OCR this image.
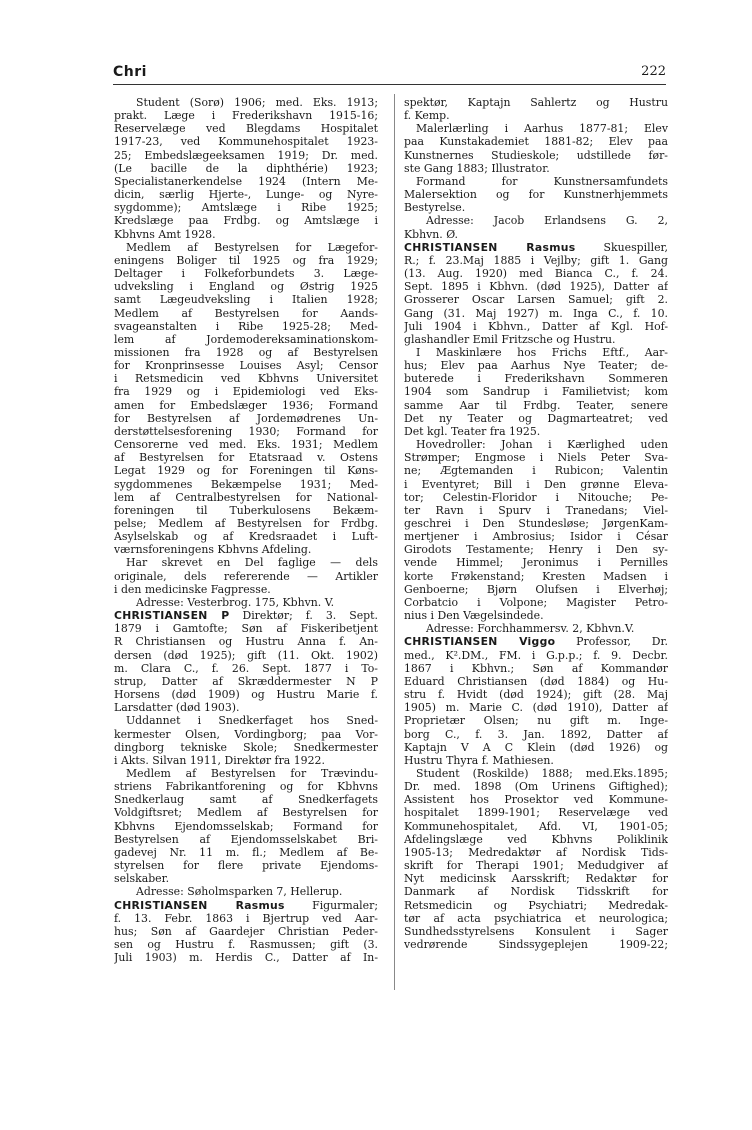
Chri	222
Student (Sorø) 1906; med. Eks. 1913;
prakt. Læge i Frederikshavn 1915-16;
Reservelæge ved Blegdams Hospitalet
1917-23, ved Kommunehospitalet 1923-
25; Embedslægeeksamen 1919; Dr. med.
(Le bacille de la diphthérie) 1923;
Specialistanerkendelse 1924 (Intern Me-
dicin, særlig Hjerte-, Lunge- og Nyre-
sygdomme); Amtslæge i Ribe 1925;
Kredslæge paa Frdbg. og Amtslæge i
Kbhvns Amt 1928.
Medlem af Bestyrelsen for Lægefor-
eningens Boliger til 1925 og fra 1929;
Deltager i Folkeforbundets 3. Læge-
udveksling i England og Østrig 1925
samt Lægeudveksling i Italien 1928;
Medlem af Bestyrelsen for Aands-
svageanstalten i Ribe 1925-28; Med-
lem af Jordemodereksaminationskom-
missionen fra 1928 og af Bestyrelsen
for Kronprinsesse Louises Asyl; Censor
i Retsmedicin ved Kbhvns Universitet
fra 1929 og i Epidemiologi ved Eks-
amen for Embedslæger 1936; Formand
for Bestyrelsen af Jordemødrenes Un-
derstøttelsesforening 1930; Formand for
Censorerne ved med. Eks. 1931; Medlem
af Bestyrelsen for Etatsraad v. Ostens
Legat 1929 og for Foreningen til Køns-
sygdommenes Bekæmpelse 1931; Med-
lem af Centralbestyrelsen for National-
foreningen til Tuberkulosens Bekæm-
pelse; Medlem af Bestyrelsen for Frdbg.
Asylselskab og af Kredsraadet i Luft-
værnsforeningens Kbhvns Afdeling.
Har skrevet en Del faglige — dels
originale, dels refererende — Artikler
i den medicinske Fagpresse.
Adresse: Vesterbrog. 175, Kbhvn. V.
CHRISTIANSEN P Direktør; f. 3. Sept.
1879 i Gamtofte; Søn af Fiskeribetjent
R Christiansen og Hustru Anna f. An-
dersen (død 1925); gift (11. Okt. 1902)
m. Clara C., f. 26. Sept. 1877 i To-
strup, Datter af Skræddermester N P
Horsens (død 1909) og Hustru Marie f.
Larsdatter (død 1903).
Uddannet i Snedkerfaget hos Sned-
kermester Olsen, Vordingborg; paa Vor-
dingborg tekniske Skole; Snedkermester
i Akts. Silvan 1911, Direktør fra 1922.
Medlem af Bestyrelsen for Trævindu-
striens Fabrikantforening og for Kbhvns
Snedkerlaug samt af Snedkerfagets
Voldgiftsret; Medlem af Bestyrelsen for
Kbhvns Ejendomsselskab; Formand for
Bestyrelsen af Ejendomsselskabet Bri-
gadevej Nr. 11 m. fl.; Medlem af Be-
styrelsen for flere private Ejendoms-
selskaber.
Adresse: Søholmsparken 7, Hellerup.
CHRISTIANSEN Rasmus Figurmaler;
f. 13. Febr. 1863 i Bjertrup ved Aar-
hus; Søn af Gaardejer Christian Peder-
sen og Hustru f. Rasmussen; gift (3.
Juli 1903) m. Herdis C., Datter af In-
spektør, Kaptajn Sahlertz og Hustru
f. Kemp.
Malerlærling i Aarhus 1877-81; Elev
paa Kunstakademiet 1881-82; Elev paa
Kunstnernes Studieskole; udstillede før-
ste Gang 1883; Illustrator.
Formand for Kunstnersamfundets
Malersektion og for Kunstnerhjemmets
Bestyrelse.
Adresse: Jacob Erlandsens G. 2,
Kbhvn. Ø.
CHRISTIANSEN Rasmus Skuespiller,
R.; f. 23.Maj 1885 i Vejlby; gift 1. Gang
(13. Aug. 1920) med Bianca C., f. 24.
Sept. 1895 i Kbhvn. (død 1925), Datter af
Grosserer Oscar Larsen Samuel; gift 2.
Gang (31. Maj 1927) m. Inga C., f. 10.
Juli 1904 i Kbhvn., Datter af Kgl. Hof-
glashandler Emil Fritzsche og Hustru.
I Maskinlære hos Frichs Eftf., Aar-
hus; Elev paa Aarhus Nye Teater; de-
buterede i Frederikshavn Sommeren
1904 som Sandrup i Familietvist; kom
samme Aar til Frdbg. Teater, senere
Det ny Teater og Dagmarteatret; ved
Det kgl. Teater fra 1925.
Hovedroller: Johan i Kærlighed uden
Strømper; Engmose i Niels Peter Sva-
ne; Ægtemanden i Rubicon; Valentin
i Eventyret; Bill i Den grønne Eleva-
tor; Celestin-Floridor i Nitouche; Pe-
ter Ravn i Spurv i Tranedans; Viel-
geschrei i Den Stundesløse; JørgenKam-
mertjener i Ambrosius; Isidor i César
Girodots Testamente; Henry i Den sy-
vende Himmel; Jeronimus i Pernilles
korte Frøkenstand; Kresten Madsen i
Genboerne; Bjørn Olufsen i Elverhøj;
Corbatcio i Volpone; Magister Petro-
nius i Den Vægelsindede.
Adresse: Forchhammersv. 2, Kbhvn.V.
CHRISTIANSEN Viggo Professor, Dr.
med., K².DM., FM. i G.p.p.; f. 9. Decbr.
1867 i Kbhvn.; Søn af Kommandør
Eduard Christiansen (død 1884) og Hu-
stru f. Hvidt (død 1924); gift (28. Maj
1905) m. Marie C. (død 1910), Datter af
Proprietær Olsen; nu gift m. Inge-
borg C., f. 3. Jan. 1892, Datter af
Kaptajn V A C Klein (død 1926) og
Hustru Thyra f. Mathiesen.
Student (Roskilde) 1888; med.Eks.1895;
Dr. med. 1898 (Om Urinens Giftighed);
Assistent hos Prosektor ved Kommune-
hospitalet 1899-1901; Reservelæge ved
Kommunehospitalet, Afd. VI, 1901-05;
Afdelingslæge ved Kbhvns Poliklinik
1905-13; Medredaktør af Nordisk Tids-
skrift for Therapi 1901; Medudgiver af
Nyt medicinsk Aarsskrift; Redaktør for
Danmark af Nordisk Tidsskrift for
Retsmedicin og Psychiatri; Medredak-
tør af acta psychiatrica et neurologica;
Sundhedsstyrelsens Konsulent i Sager
vedrørende Sindssygeplejen 1909-22;
